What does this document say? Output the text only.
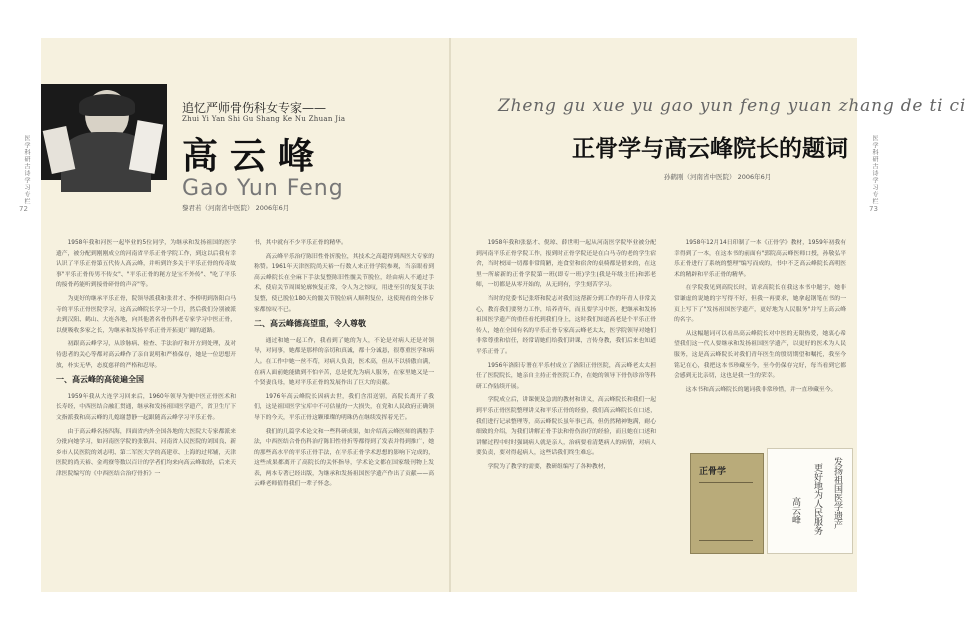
医学科研古诗学习专栏
72
医学科研古诗学习专栏
73
追忆严师骨伤科女专家——
Zhui Yi Yan Shi Gu Shang Ke Nu Zhuan Jia
高云峰
Gao Yun Feng
黎君若（河南省中医院） 2006年6月
Zheng gu xue yu gao yun feng yuan zhang de ti ci
正骨学与高云峰院长的题词
孙鹤刚（河南省中医院） 2006年6月

1958年我和河医一起毕业的5位同学，为继承和发扬祖国的医学遗产，被分配到刚刚成立的河南省平乐正骨学院工作，到这以后我有幸认识了平乐正骨第五代传人高云峰，并听到许多关于平乐正骨的传奇故事"平乐正骨传男不传女"、"平乐正骨的秘方是宝不外传"、"吃了平乐的接骨药能听到接骨碎骨的声音"等。

为更好的继承平乐正骨，院领导派我和张君才、李桥明到洛阳白马寺的平乐正骨医院学习，这高云峰院长学习一个月，然后我们分别被派去到汉阳、鹤山、大连各地，向其他著名骨伤科老专家学习中医正骨，以便吸收多家之长，为继承和发扬平乐正骨开拓更广阔的道路。

初跟高云峰学习，从诊脉病、检查、手法治疗和开方到处理，及对待患者的关心等都对高云峰作了亲自说明和严格保存，她是一位思想开放，朴实无华，态度慈祥的严格和忍辱。

一、高云峰的高徒遍全国

1959年我从大连学习回来后，1960年领导为便中医正骨医术和长寿经，中西医结合融汇贯通，继承和发扬祖国医学遗产，省卫生厅下文指派我和高云峰的儿媳谢慧静一起跟随高云峰学习平乐正骨。

由于高云峰名扬四海，四面省内外全国各地的大医院大专家都派来分批向她学习，如河南医学院的张镇昌、河南省人民医院的刘国良、新乡市人民医院的刘志明、第二军医大学的高建章、上海的过邦辅，天津医院的尚天裕、金鸡寮等数以百计的学者们均来向高云峰取经，后来天津医院编写的《中西医结合治疗骨折》一

书，其中就有不少平乐正骨的精华。

高云峰平乐治疗陈旧性骨折脱位，其技术之高超得到西医大专家的称赞。1961年天津医院尚天裕一行数人来正骨学院参观，当亲眼看到高云峰院长在全麻下手法复整陈旧性髋关节脱位，经由病人不通过手术，使肩关节周围轮廓恢复正常，令人为之惊叹，用进至引的复复手法复整，使已脱位180天的髋关节脱位病人顺利复位，这使现看的全体专家都惊叹不已。

二、高云峰德高望重，令人尊敬

通过和她一起工作，我看到了她的为人，不论是对病人还是对领导，对同事，她都是那样的亲切和真诚，都十分诚恳，很尊重医学和病人。在工作中她一丝不苟，对病人负责，医术高，但从不以骄傲自满，在病人面前她能做到不怕辛苦，总是优先为病人服务，在家里她又是一个贤妻良母，她对平乐正骨的发展作出了巨大的贡献。

1976年高云峰院长因病去世，我们含泪送别，高院长离开了我们，这是祖国医学宝库中不可估量的一大损失，在党和人民政府正确领导下的今天，平乐正骨这颗璀璨的明珠仍在继续发挥着光芒。

我们的几篇学术论文和一些科研成果，如介绍高云峰医师的满腔手法，中西医结合骨伤科治疗陈旧性骨折等都得到了发表并得到推广，她的那些高水平的平乐正骨手法，在平乐正骨学术思想的影响下完成的，这些成果都离开了高院长的关怀指导，学术论文都在国家级刊物上发表，两本专著已经出版，为继承和发扬祖国医学遗产作出了贡献——高云峰老师值得我们一辈子怀念。

1958年我和张磊才、倪琼、薛世明一起从河南医学院毕业被分配到河南平乐正骨学院工作，报到时正骨学院还是在白马寺的老的学生宿舍，当时校园一切都非常简陋，连食堂和宿舍的桌椅都是借来的，在这里一所崭新的正骨学院第一班(即专一班)学生(我是年级主任)和郭老师，一切都是从零开始的，从无到有，学生刻苦学习。

当时的党委书记张塔和院志对我们这帮新分到工作的年青人非常关心，教育我们要努力工作，培养青年，而且要学习中医，把继承和发扬祖国医学遗产的重任看托到我们身上，这时我们知道高老是个平乐正骨传人，她在全国有名的平乐正骨专家高云峰老太太，医学院领导对她们非常尊重和信任，经常请她们给我们讲课，言传身教，我们后来也知道平乐正骨了。

1956年洛阳专署在平乐村成立了洛阳正骨医院，高云峰老太太担任了医院院长，她亲自主持正骨医院工作，在她的领导下骨伤诊治等科研工作陆续开展。

学院成立后，讲课便及急需的教材和讲义，高云峰院长和我们一起到平乐正骨医院整理讲义和平乐正骨的经验，我们高云峰院长在口述，我们进行记录整理等，高云峰院长虽年事已高，但仍然精神饱满，耐心细致的介绍，为我们讲解正骨手法和骨伤治疗的经验，而且她在口述和讲解过程中时时强调病人就是亲人，治病要看清楚病人的病情，对病人要负责，要对得起病人，这些话我们终生难忘。

学院为了教学的需要，教研组编写了各种教材，

1958年12月14日印制了一本《正骨学》教材，1959年初我有幸得到了一本，在这本书的前面有"郭院高云峰医师口授，孙敬弘平乐正骨进行了系统的整理"编写而成的，书中不乏高云峰院长高明医术的精辟和平乐正骨的精华。

在学院我见到高院长时，请求高院长在我这本书中题字，她非常谦虚的说她的字写得不好，但我一再要求，她拿起钢笔在书的一页上写下了"发扬祖国医学遗产，更好地为人民服务"并写上高云峰的名字。

从这幅题词可以看出高云峰院长对中医的无限热爱，她衷心希望我们这一代人要继承和发扬祖国医学遗产，以更好的医术为人民服务，这是高云峰院长对我们青年医生的殷切期望和嘱托，我至今铭记在心，我把这本书珍藏至今，至今仍保存完好，每当看到它都会感到无比亲切，这也是我一生的荣幸。

这本书和高云峰院长的题词我非常珍惜，并一直珍藏至今。

正骨学	发扬祖国医学遗产
更好地为人民服务
高云峰
